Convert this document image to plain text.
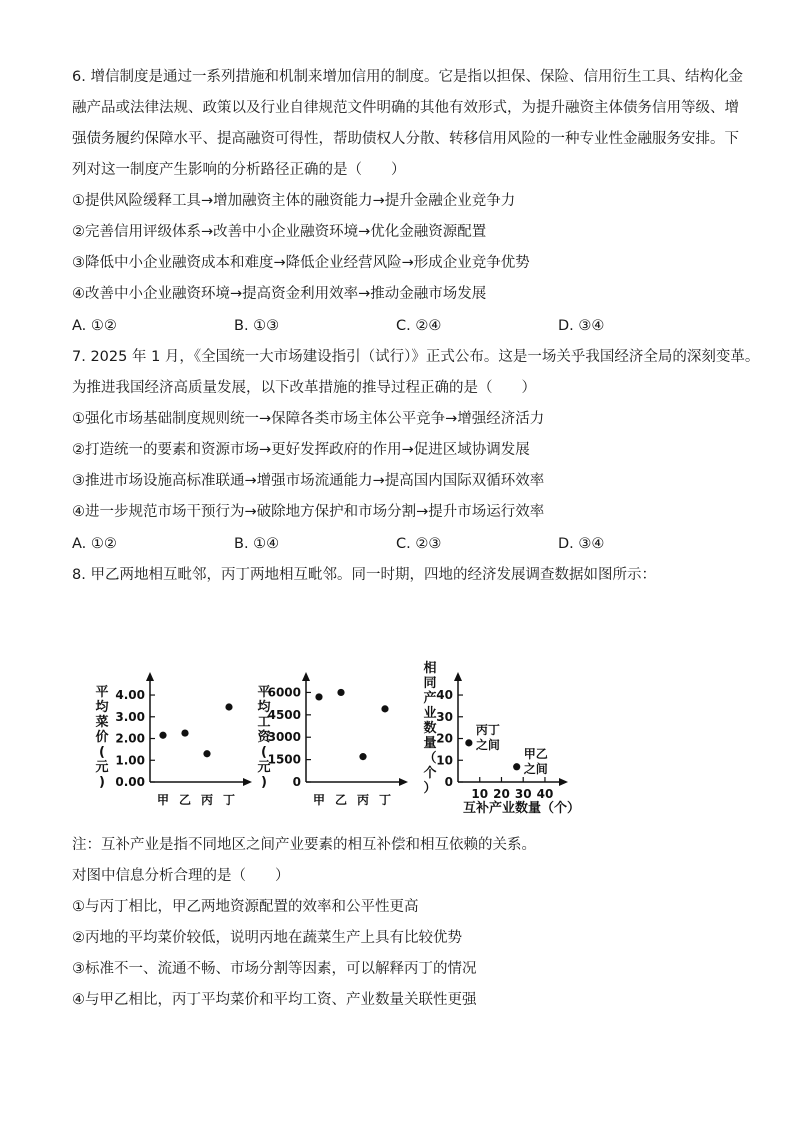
6. 增信制度是通过一系列措施和机制来增加信用的制度。它是指以担保、保险、信用衍生工具、结构化金
融产品或法律法规、政策以及行业自律规范文件明确的其他有效形式，为提升融资主体债务信用等级、增
强债务履约保障水平、提高融资可得性，帮助债权人分散、转移信用风险的一种专业性金融服务安排。下
列对这一制度产生影响的分析路径正确的是（　　）
①提供风险缓释工具→增加融资主体的融资能力→提升金融企业竞争力
②完善信用评级体系→改善中小企业融资环境→优化金融资源配置
③降低中小企业融资成本和难度→降低企业经营风险→形成企业竞争优势
④改善中小企业融资环境→提高资金利用效率→推动金融市场发展
A. ①②	B. ①③	C. ②④	D. ③④
7. 2025 年 1 月，《全国统一大市场建设指引（试行）》正式公布。这是一场关乎我国经济全局的深刻变革。
为推进我国经济高质量发展，以下改革措施的推导过程正确的是（　　）
①强化市场基础制度规则统一→保障各类市场主体公平竞争→增强经济活力
②打造统一的要素和资源市场→更好发挥政府的作用→促进区域协调发展
③推进市场设施高标准联通→增强市场流通能力→提高国内国际双循环效率
④进一步规范市场干预行为→破除地方保护和市场分割→提升市场运行效率
A. ①②	B. ①④	C. ②③	D. ③④
8. 甲乙两地相互毗邻，丙丁两地相互毗邻。同一时期，四地的经济发展调查数据如图所示：
平均菜价(元) 0.00
1.00
2.00
3.00
4.00
甲 乙 丙 丁
平均工资(元)	0
1500
3000
4500
6000
甲 乙 丙 丁
相同产业数量（个）
互补产业数量（个）
0
10
20
30
40
10 20 30 40
丙丁
之间
甲乙
之间
注：互补产业是指不同地区之间产业要素的相互补偿和相互依赖的关系。
对图中信息分析合理的是（　　）
①与丙丁相比，甲乙两地资源配置的效率和公平性更高
②丙地的平均菜价较低，说明丙地在蔬菜生产上具有比较优势
③标准不一、流通不畅、市场分割等因素，可以解释丙丁的情况
④与甲乙相比，丙丁平均菜价和平均工资、产业数量关联性更强
